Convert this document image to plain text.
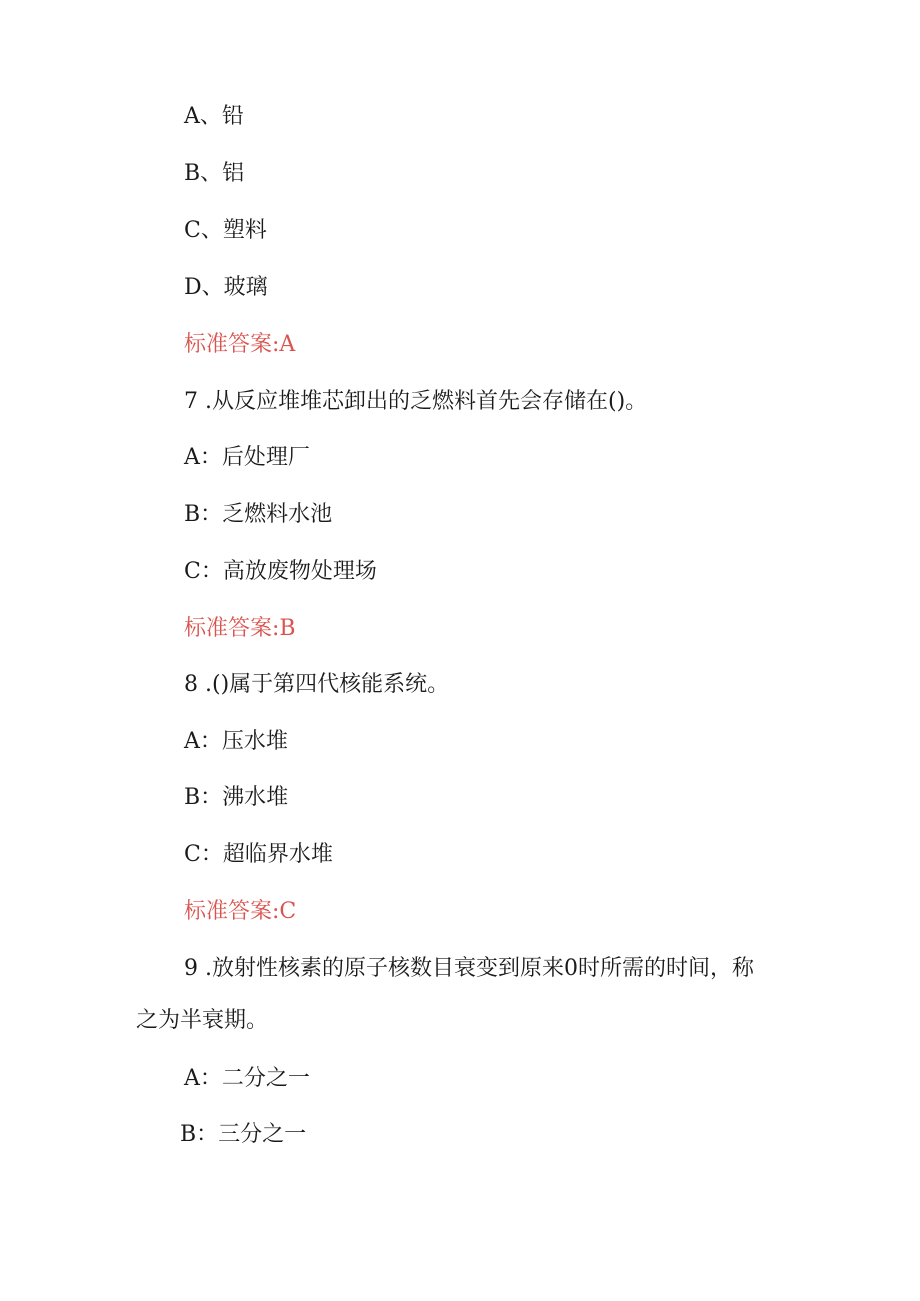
A、铅
B、铝
C、塑料
D、玻璃
标准答案:A
7 .从反应堆堆芯卸出的乏燃料首先会存储在()。
A：后处理厂
B：乏燃料水池
C：高放废物处理场
标准答案:B
8 .()属于第四代核能系统。
A：压水堆
B：沸水堆
C：超临界水堆
标准答案:C
9 .放射性核素的原子核数目衰变到原来0时所需的时间，称
之为半衰期。
A：二分之一
B：三分之一
